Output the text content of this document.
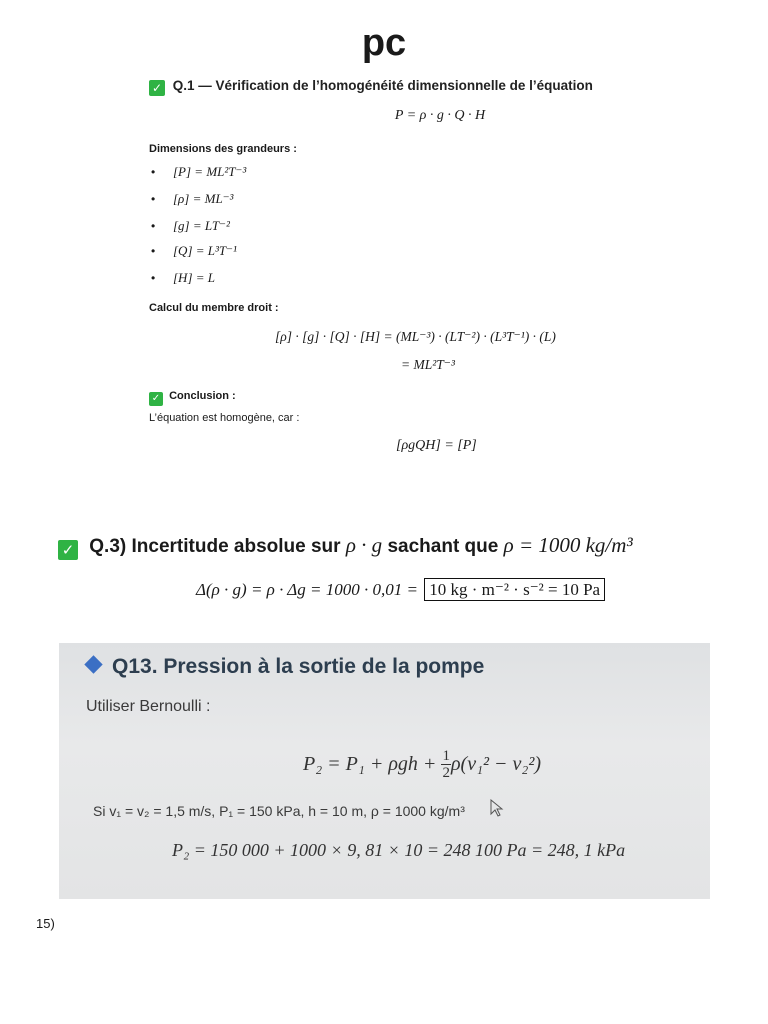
pc
✓ Q.1 — Vérification de l’homogénéité dimensionnelle de l’équation
P = ρ · g · Q · H
Dimensions des grandeurs :
• [P] = ML²T⁻³
• [ρ] = ML⁻³
• [g] = LT⁻²
• [Q] = L³T⁻¹
• [H] = L
Calcul du membre droit :
[ρ] · [g] · [Q] · [H] = (ML⁻³) · (LT⁻²) · (L³T⁻¹) · (L)
= ML²T⁻³
✓ Conclusion :
L’équation est homogène, car :
[ρgQH] = [P]
✓ Q.3) Incertitude absolue sur ρ · g sachant que ρ = 1000 kg/m³
Δ(ρ · g) = ρ · Δg = 1000 · 0,01 = 10 kg · m⁻² · s⁻² = 10 Pa
Q13. Pression à la sortie de la pompe
Utiliser Bernoulli :
$P_2 = P_1 + \rho gh + \frac{1}{2} \rho(v_1^2 - v_2^2)$
Si v₁ = v₂ = 1,5 m/s, P₁ = 150 kPa, h = 10 m, ρ = 1000 kg/m³
P₂ = 150 000 + 1000 × 9, 81 × 10 = 248 100 Pa = 248, 1 kPa
15)
